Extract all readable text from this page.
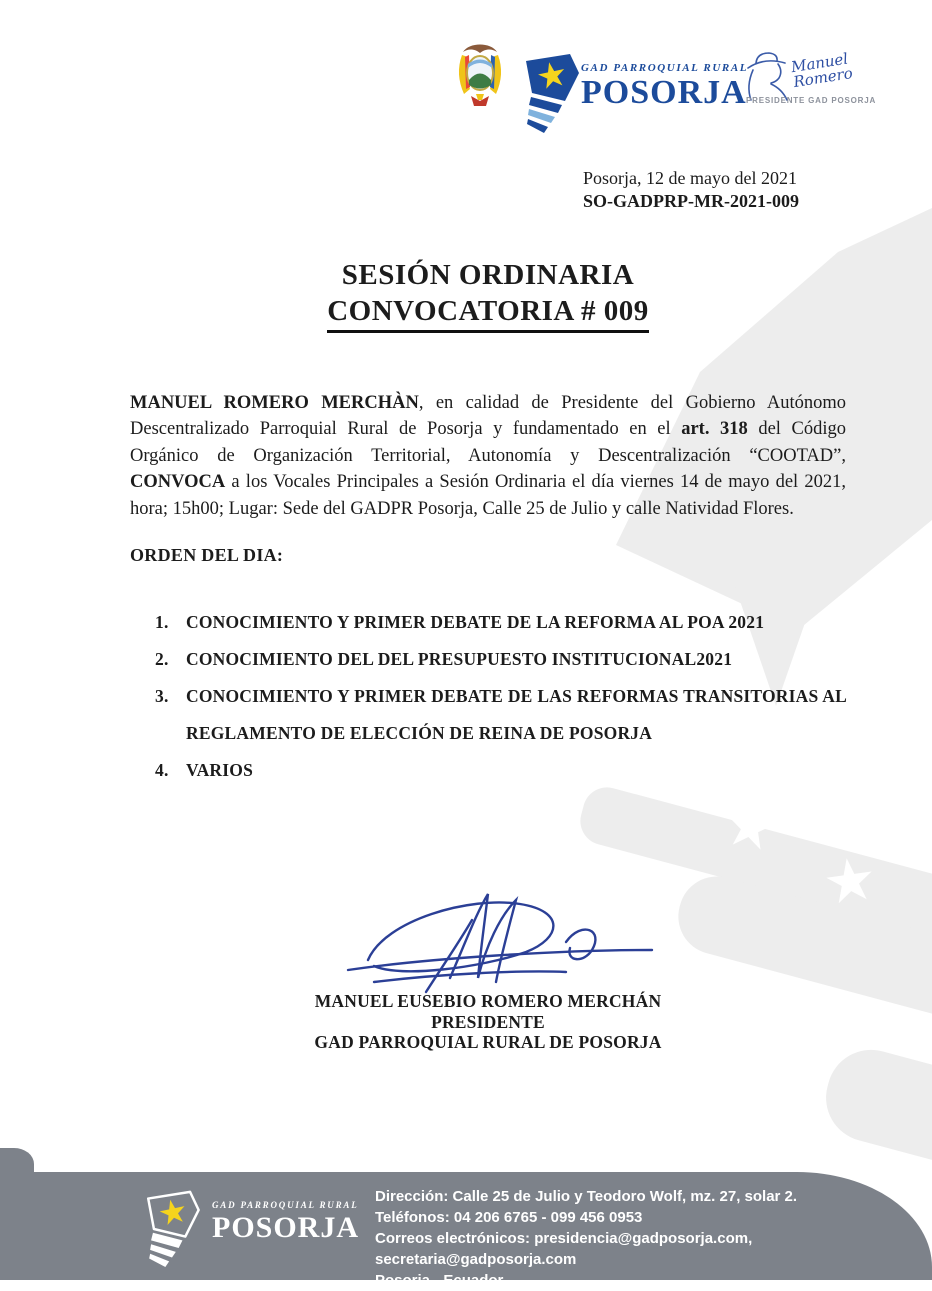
GAD PARROQUIAL RURAL
POSORJA
Manuel Romero
PRESIDENTE GAD POSORJA
Posorja, 12 de mayo del 2021
SO-GADPRP-MR-2021-009
SESIÓN ORDINARIA
CONVOCATORIA # 009

MANUEL ROMERO MERCHÀN, en calidad de Presidente del Gobierno Autónomo Descentralizado Parroquial Rural de Posorja y fundamentado en el art. 318 del Código Orgánico de Organización Territorial, Autonomía y Descentralización “COOTAD”, CONVOCA a los Vocales Principales a Sesión Ordinaria el día viernes 14 de mayo del 2021, hora; 15h00; Lugar: Sede del GADPR Posorja, Calle 25 de Julio y calle Natividad Flores.

ORDEN DEL DIA:
1. CONOCIMIENTO Y PRIMER DEBATE DE LA REFORMA AL POA 2021
2. CONOCIMIENTO DEL DEL PRESUPUESTO INSTITUCIONAL2021
3. CONOCIMIENTO Y PRIMER DEBATE DE LAS REFORMAS TRANSITORIAS AL REGLAMENTO DE ELECCIÓN DE REINA DE POSORJA
4. VARIOS
MANUEL EUSEBIO ROMERO MERCHÁN
PRESIDENTE
GAD PARROQUIAL RURAL DE POSORJA
GAD PARROQUIAL RURAL
POSORJA
Dirección: Calle 25 de Julio y Teodoro Wolf, mz. 27, solar 2.
Teléfonos: 04 206 6765 - 099 456 0953
Correos electrónicos: presidencia@gadposorja.com,
secretaria@gadposorja.com
Posorja - Ecuador
